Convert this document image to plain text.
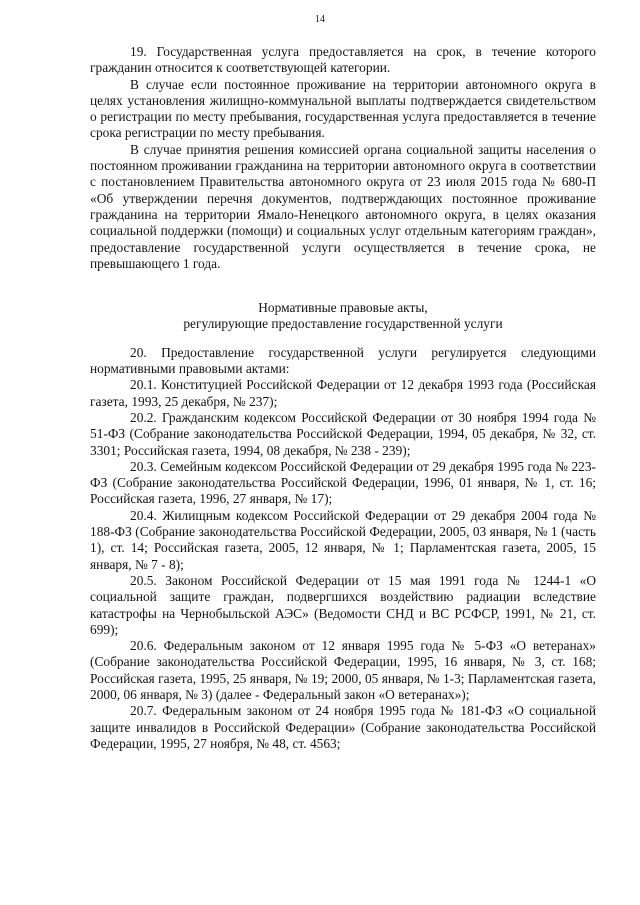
14

19. Государственная услуга предоставляется на срок, в течение которого гражданин относится к соответствующей категории.

В случае если постоянное проживание на территории автономного округа в целях установления жилищно-коммунальной выплаты подтверждается свидетельством о регистрации по месту пребывания, государственная услуга предоставляется в течение срока регистрации по месту пребывания.

В случае принятия решения комиссией органа социальной защиты населения о постоянном проживании гражданина на территории автономного округа в соответствии с постановлением Правительства автономного округа от 23 июля 2015 года № 680-П «Об утверждении перечня документов, подтверждающих постоянное проживание гражданина на территории Ямало-Ненецкого автономного округа, в целях оказания социальной поддержки (помощи) и социальных услуг отдельным категориям граждан», предоставление государственной услуги осуществляется в течение срока, не превышающего 1 года.

Нормативные правовые акты,
регулирующие предоставление государственной услуги

20. Предоставление государственной услуги регулируется следующими нормативными правовыми актами:

20.1. Конституцией Российской Федерации от 12 декабря 1993 года (Российская газета, 1993, 25 декабря, № 237);

20.2. Гражданским кодексом Российской Федерации от 30 ноября 1994 года № 51-ФЗ (Собрание законодательства Российской Федерации, 1994, 05 декабря, № 32, ст. 3301; Российская газета, 1994, 08 декабря, № 238 - 239);

20.3. Семейным кодексом Российской Федерации от 29 декабря 1995 года № 223-ФЗ (Собрание законодательства Российской Федерации, 1996, 01 января, № 1, ст. 16; Российская газета, 1996, 27 января, № 17);

20.4. Жилищным кодексом Российской Федерации от 29 декабря 2004 года № 188-ФЗ (Собрание законодательства Российской Федерации, 2005, 03 января, № 1 (часть 1), ст. 14; Российская газета, 2005, 12 января, № 1; Парламентская газета, 2005, 15 января, № 7 - 8);

20.5. Законом Российской Федерации от 15 мая 1991 года № 1244-1 «О социальной защите граждан, подвергшихся воздействию радиации вследствие катастрофы на Чернобыльской АЭС» (Ведомости СНД и ВС РСФСР, 1991, № 21, ст. 699);

20.6. Федеральным законом от 12 января 1995 года № 5-ФЗ «О ветеранах» (Собрание законодательства Российской Федерации, 1995, 16 января, № 3, ст. 168; Российская газета, 1995, 25 января, № 19; 2000, 05 января, № 1-3; Парламентская газета, 2000, 06 января, № 3) (далее - Федеральный закон «О ветеранах»);

20.7. Федеральным законом от 24 ноября 1995 года № 181-ФЗ «О социальной защите инвалидов в Российской Федерации» (Собрание законодательства Российской Федерации, 1995, 27 ноября, № 48, ст. 4563;
